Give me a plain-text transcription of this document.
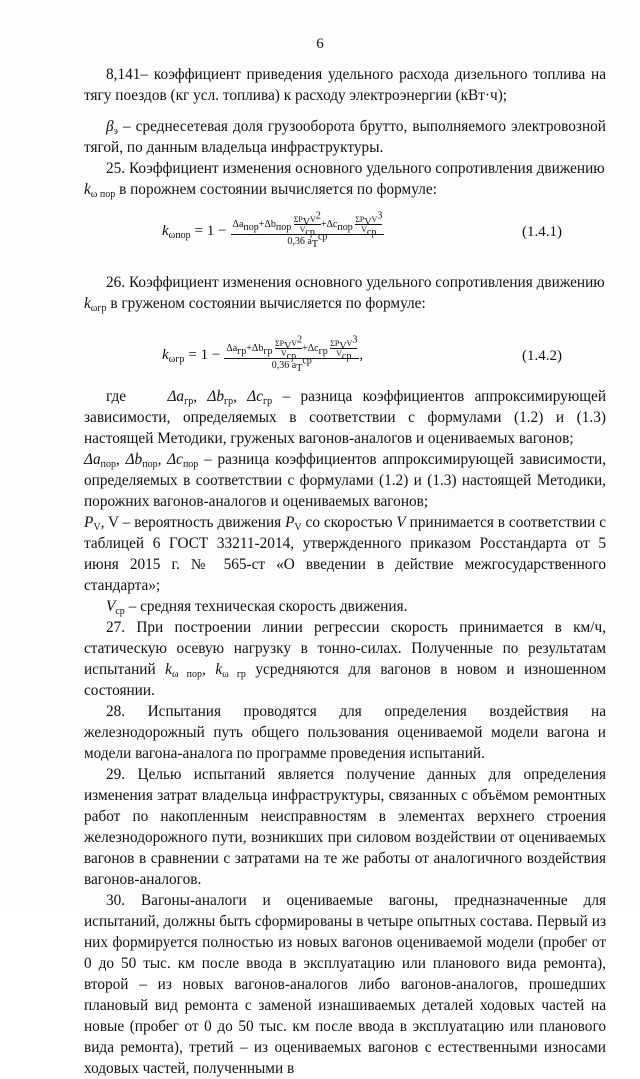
6

8,141– коэффициент приведения удельного расхода дизельного топлива на тягу поездов (кг усл. топлива) к расходу электроэнергии (кВт·ч);

$\beta_э$ – среднесетевая доля грузооборота брутто, выполняемого электровозной тягой, по данным владельца инфраструктуры.

25. Коэффициент изменения основного удельного сопротивления движению
$k_{\omega пор}$ в порожнем состоянии вычисляется по формуле:

$k_{\omega пор} = 1 - \Delta a_{пор}+\Delta b_{пор}$
$\Sigma P_VV^2$
$V_{ср}$
$+\Delta c_{пор}$
$\Sigma P_VV^3$
$V_{ср}$
0,36 $a_T^{ср}$	(1.4.1)

26. Коэффициент изменения основного удельного сопротивления движению
$k_{\omega гр}$ в груженом состоянии вычисляется по формуле:

$k_{\omega гр} = 1 - \Delta a_{гр}+\Delta b_{гр}$
$\Sigma P_VV^2$
$V_{ср}$
$+\Delta c_{гр}$
$\Sigma P_VV^3$
$V_{ср}$
0,36 $a_T^{ср}$ ,	(1.4.2)

где	$\Delta a_{гр}$, $\Delta b_{гр}$, $\Delta c_{гр}$ – разница коэффициентов аппроксимирующей зависимости, определяемых в соответствии с формулами (1.2) и (1.3) настоящей Методики, груженых вагонов-аналогов и оцениваемых вагонов;

$\Delta a_{пор}$, $\Delta b_{пор}$, $\Delta c_{пор}$ – разница коэффициентов аппроксимирующей зависимости, определяемых в соответствии с формулами (1.2) и (1.3) настоящей Методики, порожних вагонов-аналогов и оцениваемых вагонов;

$P_V$, V – вероятность движения $P_V$ со скоростью V принимается в соответствии с таблицей 6 ГОСТ 33211-2014, утвержденного приказом Росстандарта от 5 июня 2015 г. № 565-ст «О введении в действие межгосударственного стандарта»;

$V_{ср}$ – средняя техническая скорость движения.

27. При построении линии регрессии скорость принимается в км/ч, статическую осевую нагрузку в тонно-силах. Полученные по результатам испытаний $k_{\omega пор}$, $k_{\omega гр}$ усредняются для вагонов в новом и изношенном состоянии.

28. Испытания проводятся для определения воздействия на железнодорожный путь общего пользования оцениваемой модели вагона и модели вагона-аналога по программе проведения испытаний.

29. Целью испытаний является получение данных для определения изменения затрат владельца инфраструктуры, связанных с объёмом ремонтных работ по накопленным неисправностям в элементах верхнего строения железнодорожного пути, возникших при силовом воздействии от оцениваемых вагонов в сравнении с затратами на те же работы от аналогичного воздействия вагонов-аналогов.

30. Вагоны-аналоги и оцениваемые вагоны, предназначенные для испытаний, должны быть сформированы в четыре опытных состава. Первый из них формируется полностью из новых вагонов оцениваемой модели (пробег от 0 до 50 тыс. км после ввода в эксплуатацию или планового вида ремонта), второй – из новых вагонов-аналогов либо вагонов-аналогов, прошедших плановый вид ремонта с заменой изнашиваемых деталей ходовых частей на новые (пробег от 0 до 50 тыс. км после ввода в эксплуатацию или планового вида ремонта), третий – из оцениваемых вагонов с естественными износами ходовых частей, полученными в
